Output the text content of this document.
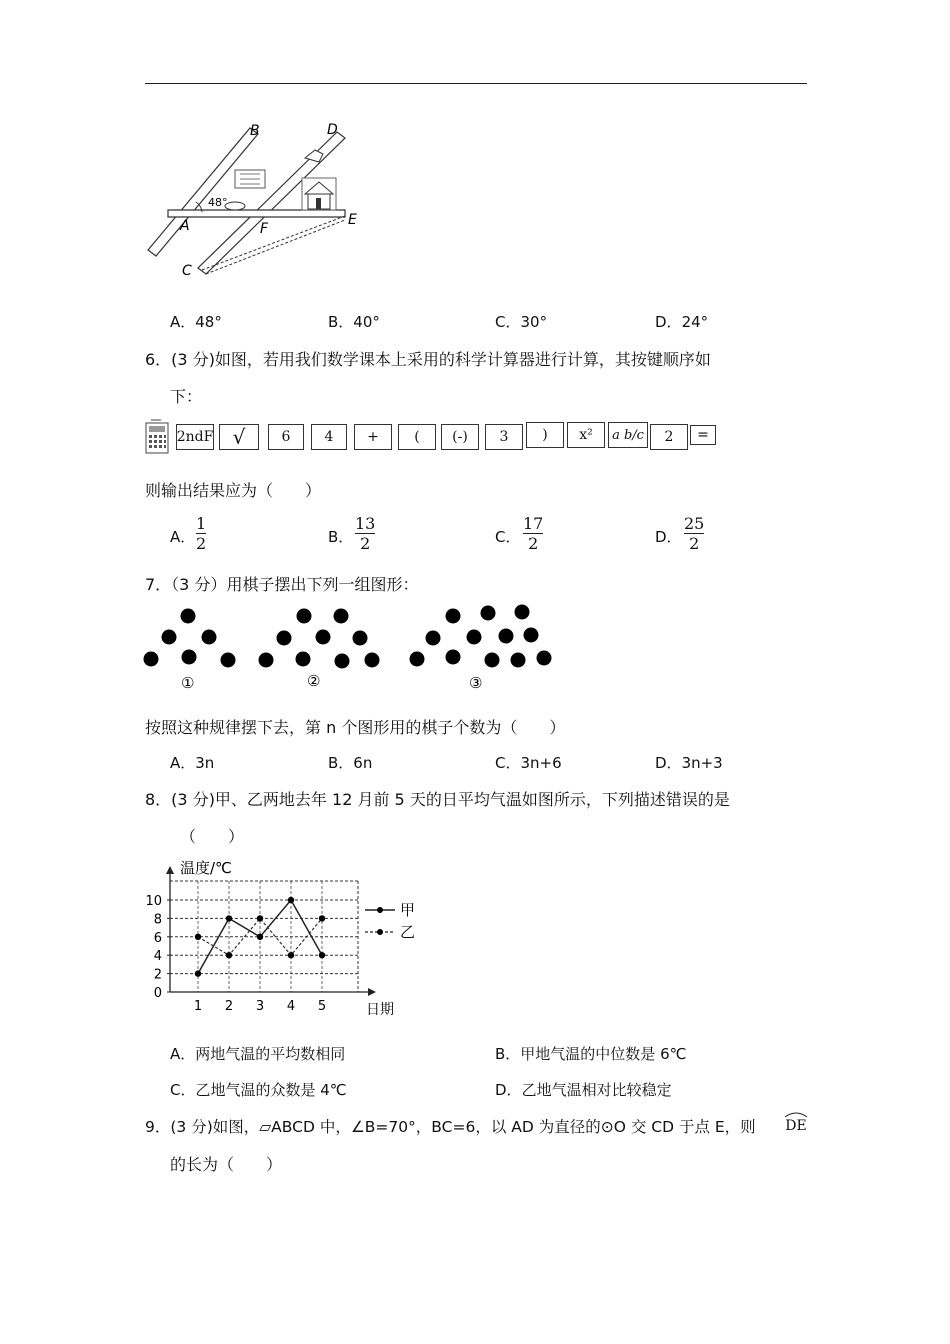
B	D
A	F
E
C
48°
A．48°	B．40°	C．30°	D．24°
6．(3 分)如图，若用我们数学课本上采用的科学计算器进行计算，其按键顺序如
下：
2ndF √	6	4	+	(	(-)	3	)	x²	a b/c	2	=
则输出结果应为（　　）
A．
1
2	B．
13
2	C．
17
2	D．
25
2
7．（3 分）用棋子摆出下列一组图形：
①	②	③
按照这种规律摆下去，第 n 个图形用的棋子个数为（　　）
A．3n	B．6n	C．3n+6	D．3n+3
8．(3 分)甲、乙两地去年 12 月前 5 天的日平均气温如图所示，下列描述错误的是
（　　）
温度/℃
日期
0
2
4
6
8
10
1 2 3 4 5
甲
乙
A．两地气温的平均数相同	B．甲地气温的中位数是 6℃
C．乙地气温的众数是 4℃	D．乙地气温相对比较稳定
9．(3 分)如图，▱ABCD 中，∠B=70°，BC=6，以 AD 为直径的⊙O 交 CD 于点 E，则 DE
的长为（　　）
